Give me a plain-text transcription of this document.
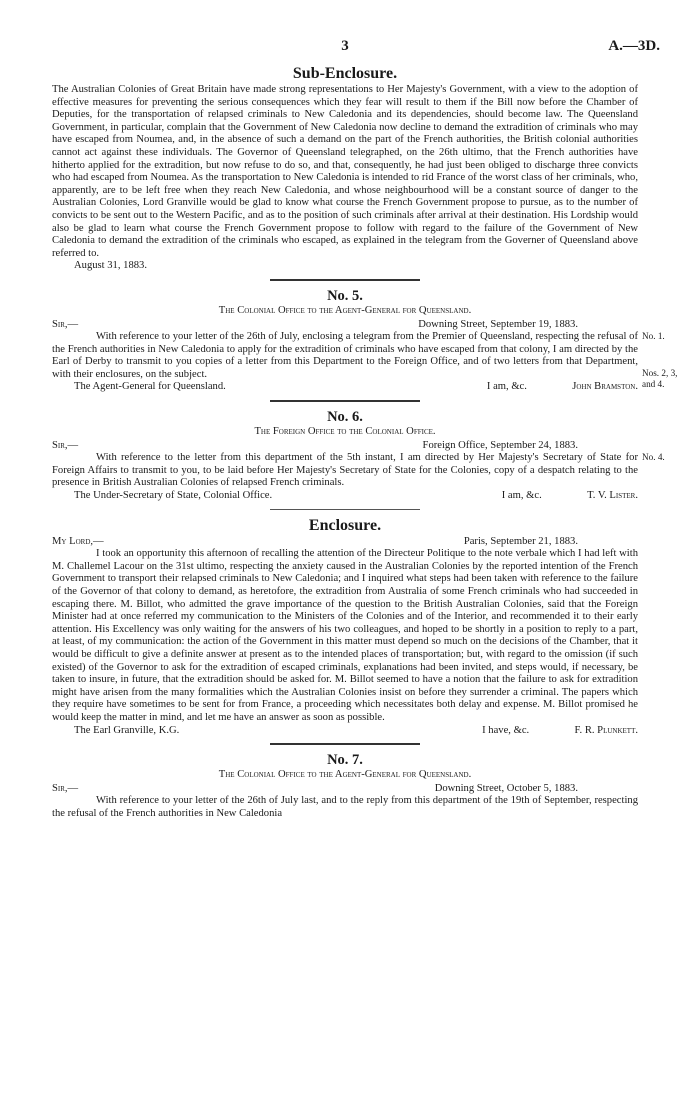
3	A.—3D.
Sub-Enclosure.

The Australian Colonies of Great Britain have made strong representations to Her Majesty's Government, with a view to the adoption of effective measures for preventing the serious consequences which they fear will result to them if the Bill now before the Chamber of Deputies, for the transportation of relapsed criminals to New Caledonia and its dependencies, should become law. The Queensland Government, in particular, complain that the Government of New Caledonia now decline to demand the extradition of criminals who may have escaped from Noumea, and, in the absence of such a demand on the part of the French authorities, the British colonial authorities cannot act against these individuals. The Governor of Queensland telegraphed, on the 26th ultimo, that the French authorities have hitherto applied for the extradition, but now refuse to do so, and that, consequently, he had just been obliged to discharge three convicts who had escaped from Noumea. As the transportation to New Caledonia is intended to rid France of the worst class of her criminals, who, apparently, are to be left free when they reach New Caledonia, and whose neighbourhood will be a constant source of danger to the Australian Colonies, Lord Granville would be glad to know what course the French Government propose to pursue, as to the number of convicts to be sent out to the Western Pacific, and as to the position of such criminals after arrival at their destination. His Lordship would also be glad to learn what course the French Government propose to follow with regard to the failure of the Government of New Caledonia to demand the extradition of the criminals who escaped, as explained in the telegram from the Governer of Queensland above referred to.

August 31, 1883.

No. 5.

The Colonial Office to the Agent-General for Queensland.

Sir,—	Downing Street, September 19, 1883.
No. 1.
Nos. 2, 3, and 4.

With reference to your letter of the 26th of July, enclosing a telegram from the Premier of Queensland, respecting the refusal of the French authorities in New Caledonia to apply for the extradition of criminals who have escaped from that colony, I am directed by the Earl of Derby to transmit to you copies of a letter from this Department to the Foreign Office, and of two letters from that Department, with their enclosures, on the subject.

The Agent-General for Queensland.	I am, &c.	John Bramston.
No. 6.

The Foreign Office to the Colonial Office.

Sir,—	Foreign Office, September 24, 1883.
No. 4.

With reference to the letter from this department of the 5th instant, I am directed by Her Majesty's Secretary of State for Foreign Affairs to transmit to you, to be laid before Her Majesty's Secretary of State for the Colonies, copy of a despatch relating to the presence in British Australian Colonies of relapsed French criminals.

The Under-Secretary of State, Colonial Office.	I am, &c.	T. V. Lister.
Enclosure.
My Lord,—	Paris, September 21, 1883.

I took an opportunity this afternoon of recalling the attention of the Directeur Politique to the note verbale which I had left with M. Challemel Lacour on the 31st ultimo, respecting the anxiety caused in the Australian Colonies by the reported intention of the French Government to transport their relapsed criminals to New Caledonia; and I inquired what steps had been taken with reference to the failure of the Governor of that colony to demand, as heretofore, the extradition from Australia of some French criminals who had succeeded in escaping there. M. Billot, who admitted the grave importance of the question to the British Australian Colonies, said that the Foreign Minister had at once referred my communication to the Ministers of the Colonies and of the Interior, and recommended it to their early attention. His Excellency was only waiting for the answers of his two colleagues, and hoped to be shortly in a position to reply to a part, at least, of my communication: the action of the Government in this matter must depend so much on the decisions of the Chamber, that it would be difficult to give a definite answer at present as to the intended places of transportation; but, with regard to the omission (if such existed) of the Governor to ask for the extradition of escaped criminals, explanations had been invited, and steps would, if necessary, be taken to insure, in future, that the extradition should be asked for. M. Billot seemed to have a notion that the failure to ask for extradition might have arisen from the many formalities which the Australian Colonies insist on before they surrender a criminal. The papers which they require have sometimes to be sent for from France, a proceeding which necessitates both delay and expense. M. Billot promised he would keep the matter in mind, and let me have an answer as soon as possible.

The Earl Granville, K.G.	I have, &c.	F. R. Plunkett.
No. 7.

The Colonial Office to the Agent-General for Queensland.

Sir,—	Downing Street, October 5, 1883.

With reference to your letter of the 26th of July last, and to the reply from this department of the 19th of September, respecting the refusal of the French authorities in New Caledonia
